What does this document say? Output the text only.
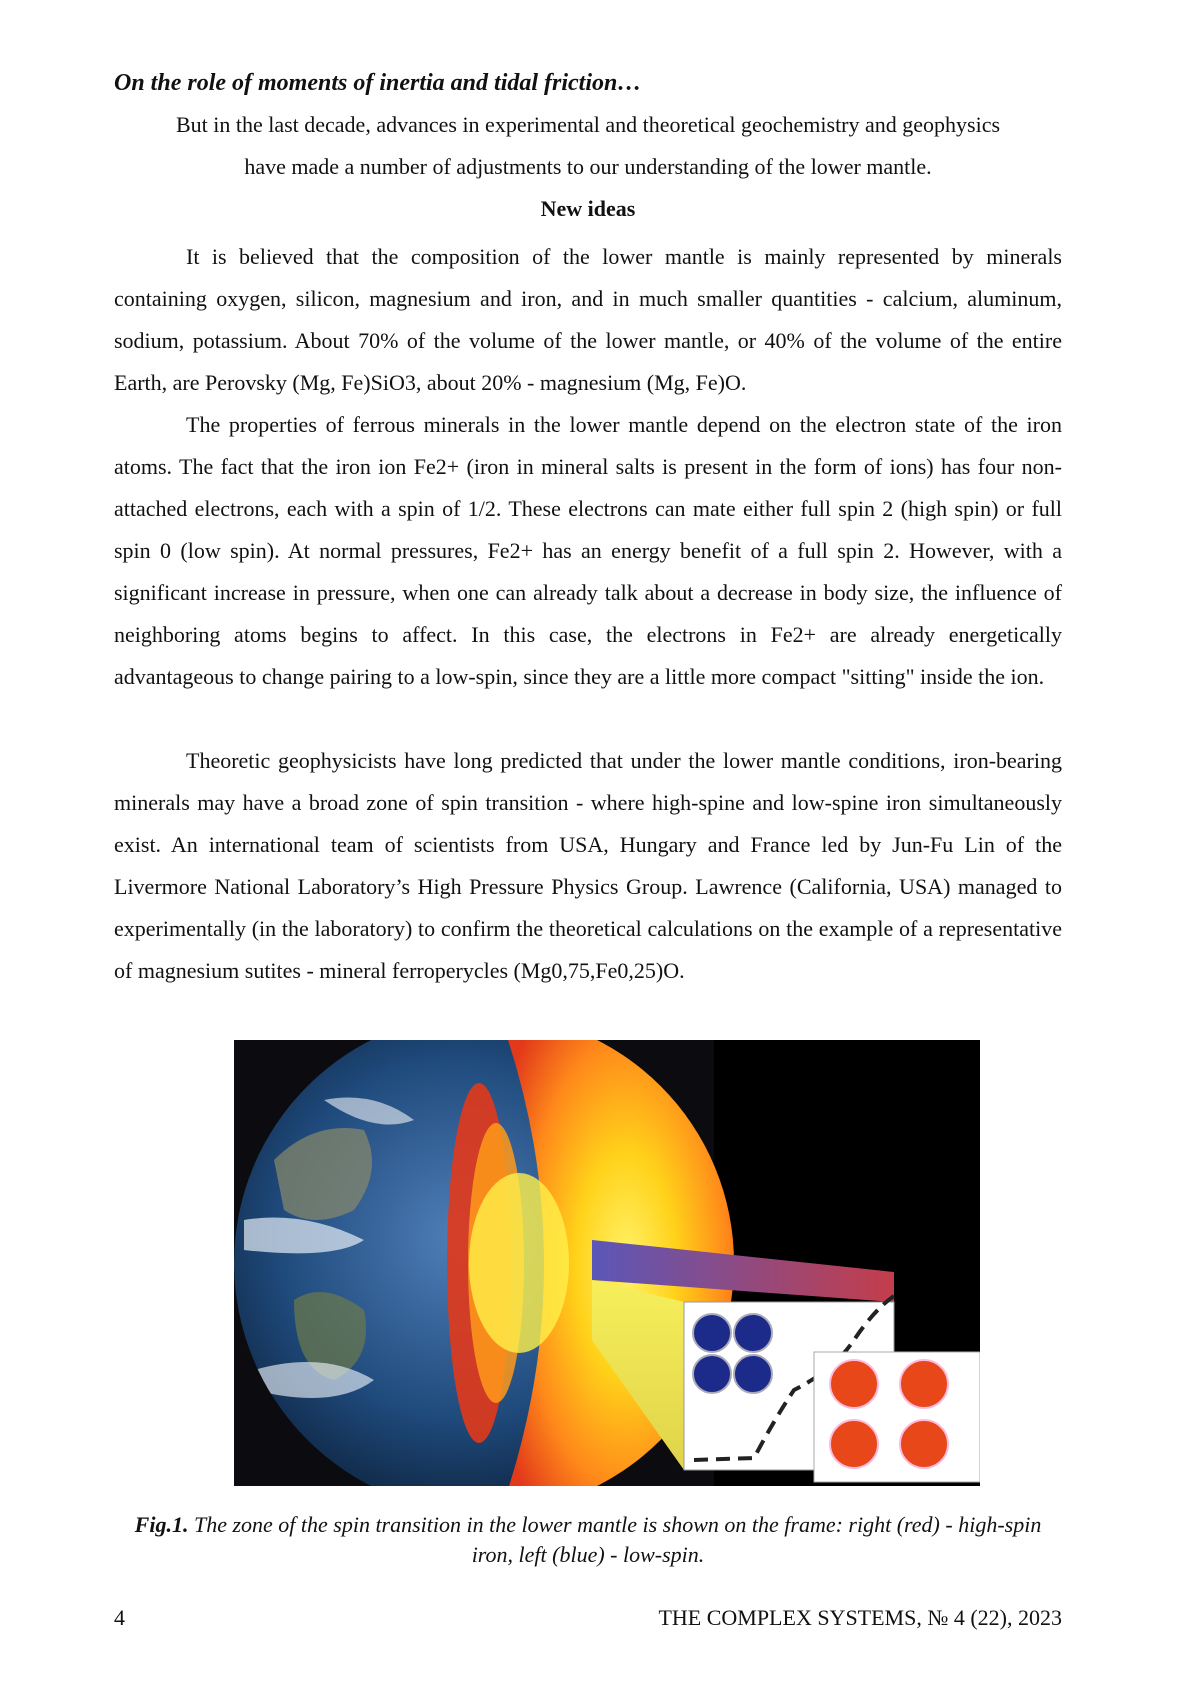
On the role of moments of inertia and tidal friction…

But in the last decade, advances in experimental and theoretical geochemistry and geophysics have made a number of adjustments to our understanding of the lower mantle.

New ideas

It is believed that the composition of the lower mantle is mainly represented by minerals containing oxygen, silicon, magnesium and iron, and in much smaller quantities - calcium, aluminum, sodium, potassium. About 70% of the volume of the lower mantle, or 40% of the volume of the entire Earth, are Perovsky (Mg, Fe)SiO3, about 20% - magnesium (Mg, Fe)O.

The properties of ferrous minerals in the lower mantle depend on the electron state of the iron atoms. The fact that the iron ion Fe2+ (iron in mineral salts is present in the form of ions) has four non-attached electrons, each with a spin of 1/2. These electrons can mate either full spin 2 (high spin) or full spin 0 (low spin). At normal pressures, Fe2+ has an energy benefit of a full spin 2. However, with a significant increase in pressure, when one can already talk about a decrease in body size, the influence of neighboring atoms begins to affect. In this case, the electrons in Fe2+ are already energetically advantageous to change pairing to a low-spin, since they are a little more compact "sitting" inside the ion.

Theoretic geophysicists have long predicted that under the lower mantle conditions, iron-bearing minerals may have a broad zone of spin transition - where high-spine and low-spine iron simultaneously exist. An international team of scientists from USA, Hungary and France led by Jun-Fu Lin of the Livermore National Laboratory’s High Pressure Physics Group. Lawrence (California, USA) managed to experimentally (in the laboratory) to confirm the theoretical calculations on the example of a representative of magnesium sutites - mineral ferroperycles (Mg0,75,Fe0,25)O.

Fig.1. The zone of the spin transition in the lower mantle is shown on the frame: right (red) - high-spin iron, left (blue) - low-spin.
4	THE COMPLEX SYSTEMS, № 4 (22), 2023
